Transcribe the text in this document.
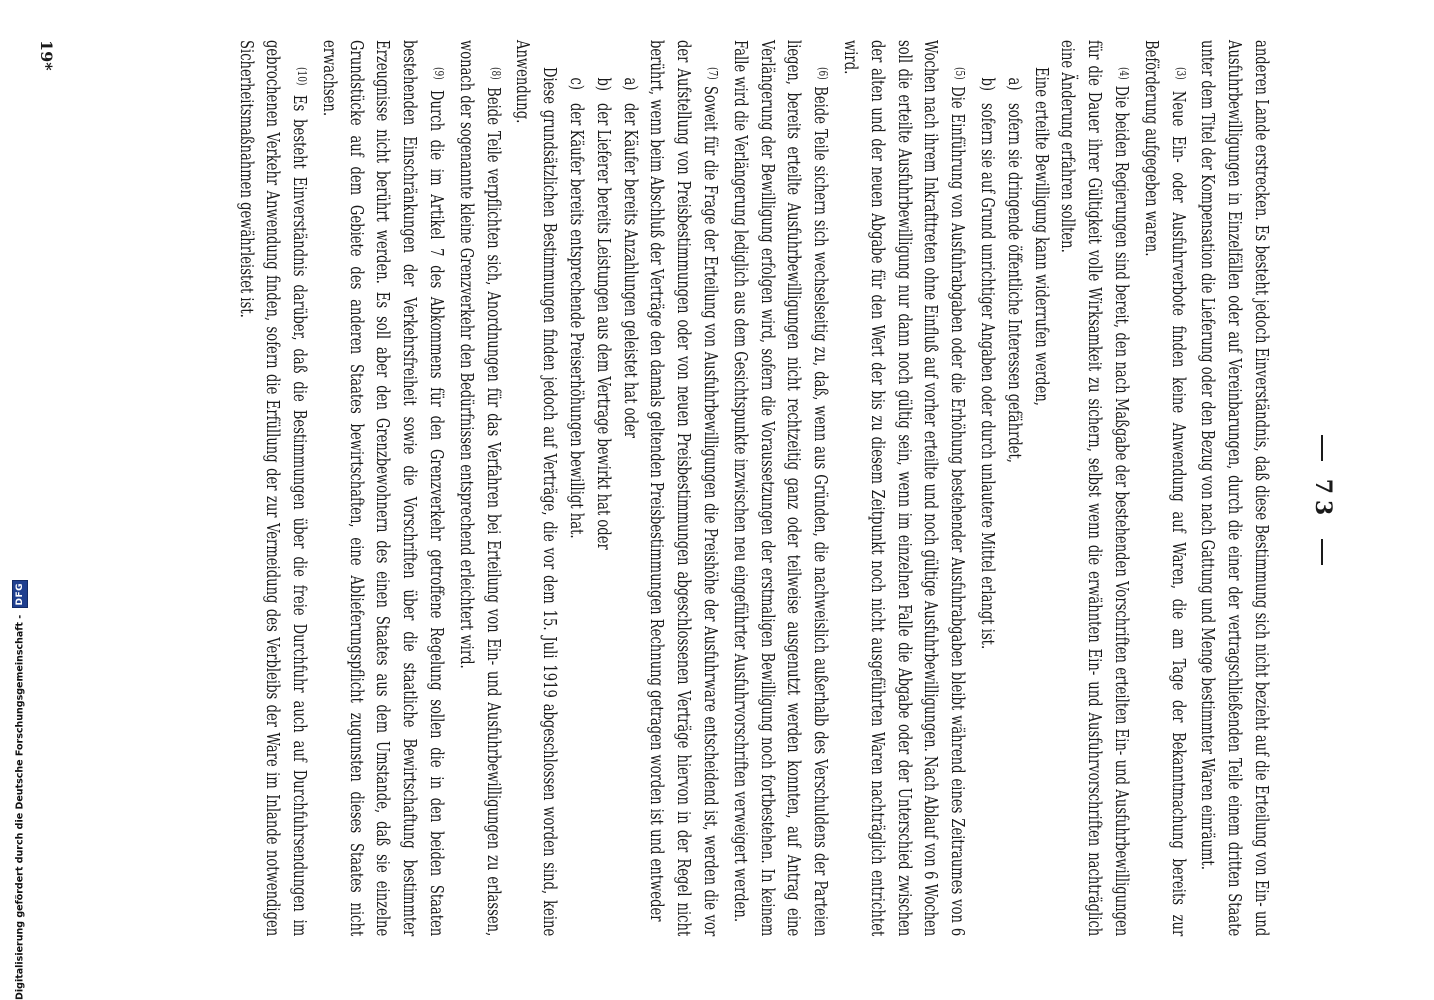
73

anderen Lande erstrecken. Es besteht jedoch Einverständnis, daß diese Bestimmung sich nicht bezieht auf die Erteilung von Ein- und Ausfuhrbewilligungen in Einzelfällen oder auf Vereinbarungen, durch die einer der vertragschließenden Teile einem dritten Staate unter dem Titel der Kompensation die Lieferung oder den Bezug von nach Gattung und Menge bestimmter Waren einräumt.

$^{(3)}$ Neue Ein- oder Ausfuhrverbote finden keine Anwendung auf Waren, die am Tage der Bekanntmachung bereits zur Beförderung aufgegeben waren.

$^{(4)}$ Die beiden Regierungen sind bereit, den nach Maßgabe der bestehenden Vorschriften erteilten Ein- und Ausfuhrbewilligungen für die Dauer ihrer Gültigkeit volle Wirksamkeit zu sichern, selbst wenn die erwähnten Ein- und Ausfuhrvorschriften nachträglich eine Änderung erfahren sollten.

Eine erteilte Bewilligung kann widerrufen werden,

a)
sofern sie dringende öffentliche Interessen gefährdet,

b)
sofern sie auf Grund unrichtiger Angaben oder durch unlautere Mittel erlangt ist.

$^{(5)}$ Die Einführung von Ausfuhrabgaben oder die Erhöhung bestehender Ausfuhrabgaben bleibt während eines Zeitraumes von 6 Wochen nach ihrem Inkrafttreten ohne Einfluß auf vorher erteilte und noch gültige Ausfuhrbewilligungen. Nach Ablauf von 6 Wochen soll die erteilte Ausfuhrbewilligung nur dann noch gültig sein, wenn im einzelnen Falle die Abgabe oder der Unterschied zwischen der alten und der neuen Abgabe für den Wert der bis zu diesem Zeitpunkt noch nicht ausgeführten Waren nachträglich entrichtet wird.

$^{(6)}$ Beide Teile sichern sich wechselseitig zu, daß, wenn aus Gründen, die nachweislich außerhalb des Verschuldens der Parteien liegen, bereits erteilte Ausfuhrbewilligungen nicht rechtzeitig ganz oder teilweise ausgenutzt werden konnten, auf Antrag eine Verlängerung der Bewilligung erfolgen wird, sofern die Voraussetzungen der erstmaligen Bewilligung noch fortbestehen. In keinem Falle wird die Verlängerung lediglich aus dem Gesichtspunkte inzwischen neu eingeführter Ausfuhrvorschriften verweigert werden.

$^{(7)}$ Soweit für die Frage der Erteilung von Ausfuhrbewilligungen die Preishöhe der Ausfuhrware entscheidend ist, werden die vor der Aufstellung von Preisbestimmungen oder von neuen Preisbestimmungen abgeschlossenen Verträge hiervon in der Regel nicht berührt, wenn beim Abschluß der Verträge den damals geltenden Preisbestimmungen Rechnung getragen worden ist und entweder

a)
der Käufer bereits Anzahlungen geleistet hat oder

b)
der Lieferer bereits Leistungen aus dem Vertrage bewirkt hat oder

c)
der Käufer bereits entsprechende Preiserhöhungen bewilligt hat.

Diese grundsätzlichen Bestimmungen finden jedoch auf Verträge, die vor dem 15. Juli 1919 abgeschlossen worden sind, keine Anwendung.

$^{(8)}$ Beide Teile verpflichten sich, Anordnungen für das Verfahren bei Erteilung von Ein- und Ausfuhrbewilligungen zu erlassen, wonach der sogenannte kleine Grenzverkehr den Bedürfnissen entsprechend erleichtert wird.

$^{(9)}$ Durch die im Artikel 7 des Abkommens für den Grenzverkehr getroffene Regelung sollen die in den beiden Staaten bestehenden Einschränkungen der Verkehrsfreiheit sowie die Vorschriften über die staatliche Bewirtschaftung bestimmter Erzeugnisse nicht berührt werden. Es soll aber den Grenzbewohnern des einen Staates aus dem Umstande, daß sie einzelne Grundstücke auf dem Gebiete des anderen Staates bewirtschaften, eine Ablieferungspflicht zugunsten dieses Staates nicht erwachsen.

$^{(10)}$ Es besteht Einverständnis darüber, daß die Bestimmungen über die freie Durchfuhr auch auf Durchfuhrsendungen im gebrochenen Verkehr Anwendung finden, sofern die Erfüllung der zur Vermeidung des Verbleibs der Ware im Inlande notwendigen Sicherheitsmaßnahmen gewährleistet ist.

19*
Digitalisierung gefördert durch die Deutsche Forschungsgemeinschaft - DFG
